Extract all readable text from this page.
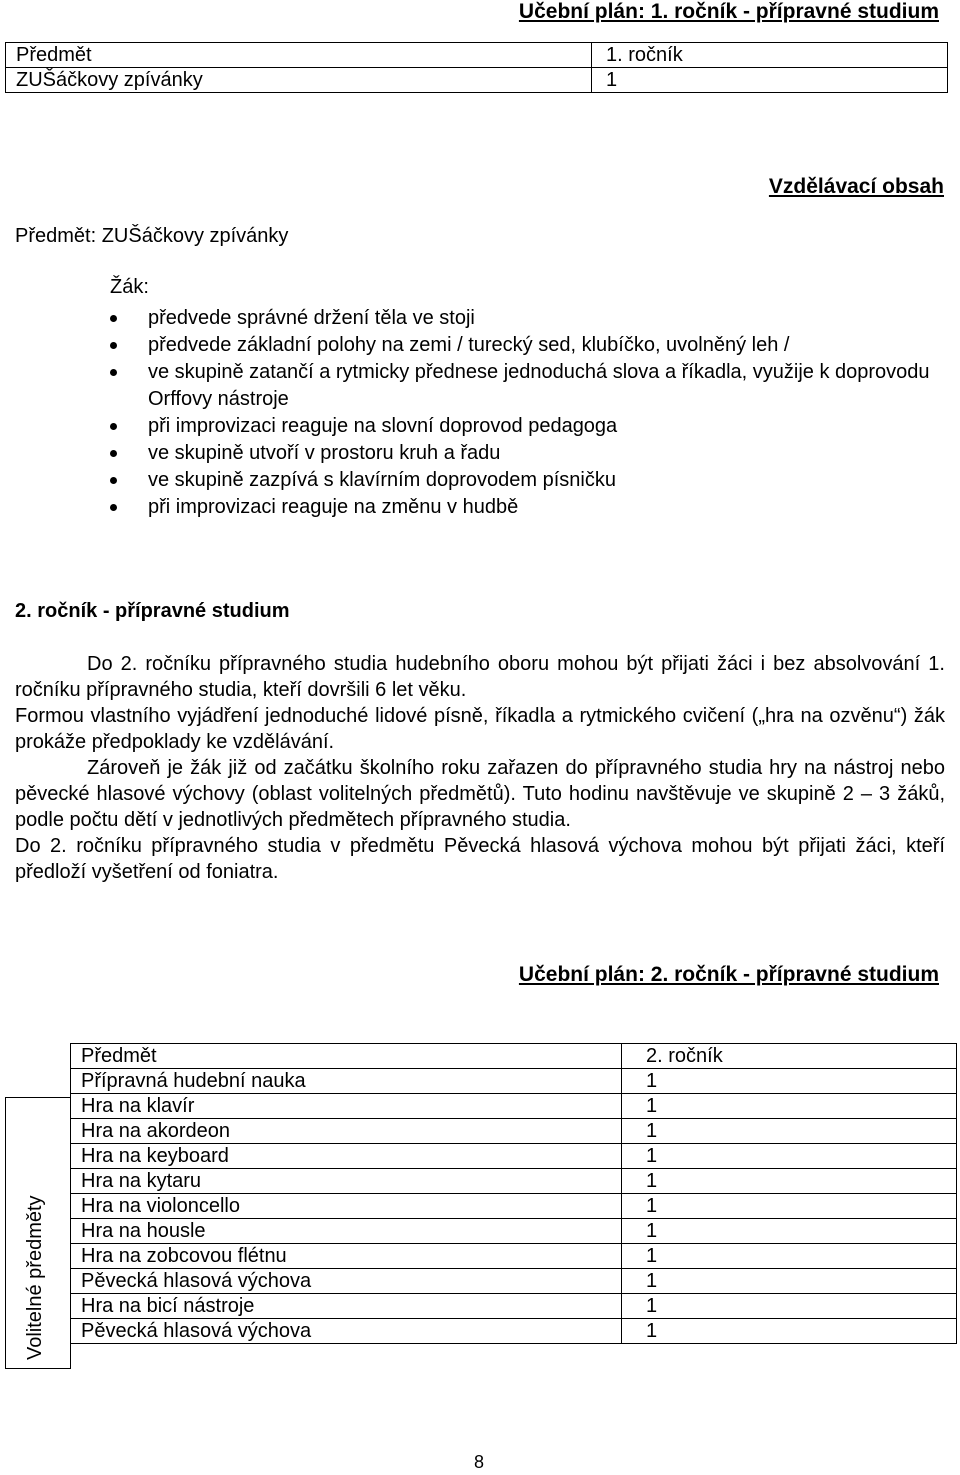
Učební plán: 1. ročník - přípravné studium
Předmět	1. ročník
ZUŠáčkovy zpívánky	1
Vzdělávací obsah
Předmět: ZUŠáčkovy zpívánky
Žák:
předvede správné držení těla ve stoji
předvede základní polohy na zemi / turecký sed, klubíčko, uvolněný leh /
ve skupině zatančí a rytmicky přednese jednoduchá slova a říkadla, využije k doprovodu Orffovy nástroje
při improvizaci reaguje na slovní doprovod pedagoga
ve skupině utvoří v prostoru kruh a řadu
ve skupině zazpívá s klavírním doprovodem písničku
při improvizaci reaguje na změnu v hudbě
2. ročník - přípravné studium
Do 2. ročníku přípravného studia hudebního oboru mohou být přijati žáci i bez absolvování 1. ročníku přípravného studia, kteří dovršili 6 let věku.
Formou vlastního vyjádření jednoduché lidové písně, říkadla a rytmického cvičení („hra na ozvěnu“) žák prokáže předpoklady ke vzdělávání.
Zároveň je žák již od začátku školního roku zařazen do přípravného studia hry na nástroj nebo pěvecké hlasové výchovy (oblast volitelných předmětů). Tuto hodinu navštěvuje ve skupině 2 – 3 žáků, podle počtu dětí v jednotlivých předmětech přípravného studia.
Do 2. ročníku přípravného studia v předmětu Pěvecká hlasová výchova mohou být přijati žáci, kteří předloží vyšetření od foniatra.
Učební plán: 2. ročník - přípravné studium
Volitelné předměty
Předmět	2. ročník
Přípravná hudební nauka	1
Hra na klavír	1
Hra na akordeon	1
Hra na keyboard	1
Hra na kytaru	1
Hra na violoncello	1
Hra na housle	1
Hra na zobcovou flétnu	1
Pěvecká hlasová výchova	1
Hra na bicí nástroje	1
Pěvecká hlasová výchova	1
8
